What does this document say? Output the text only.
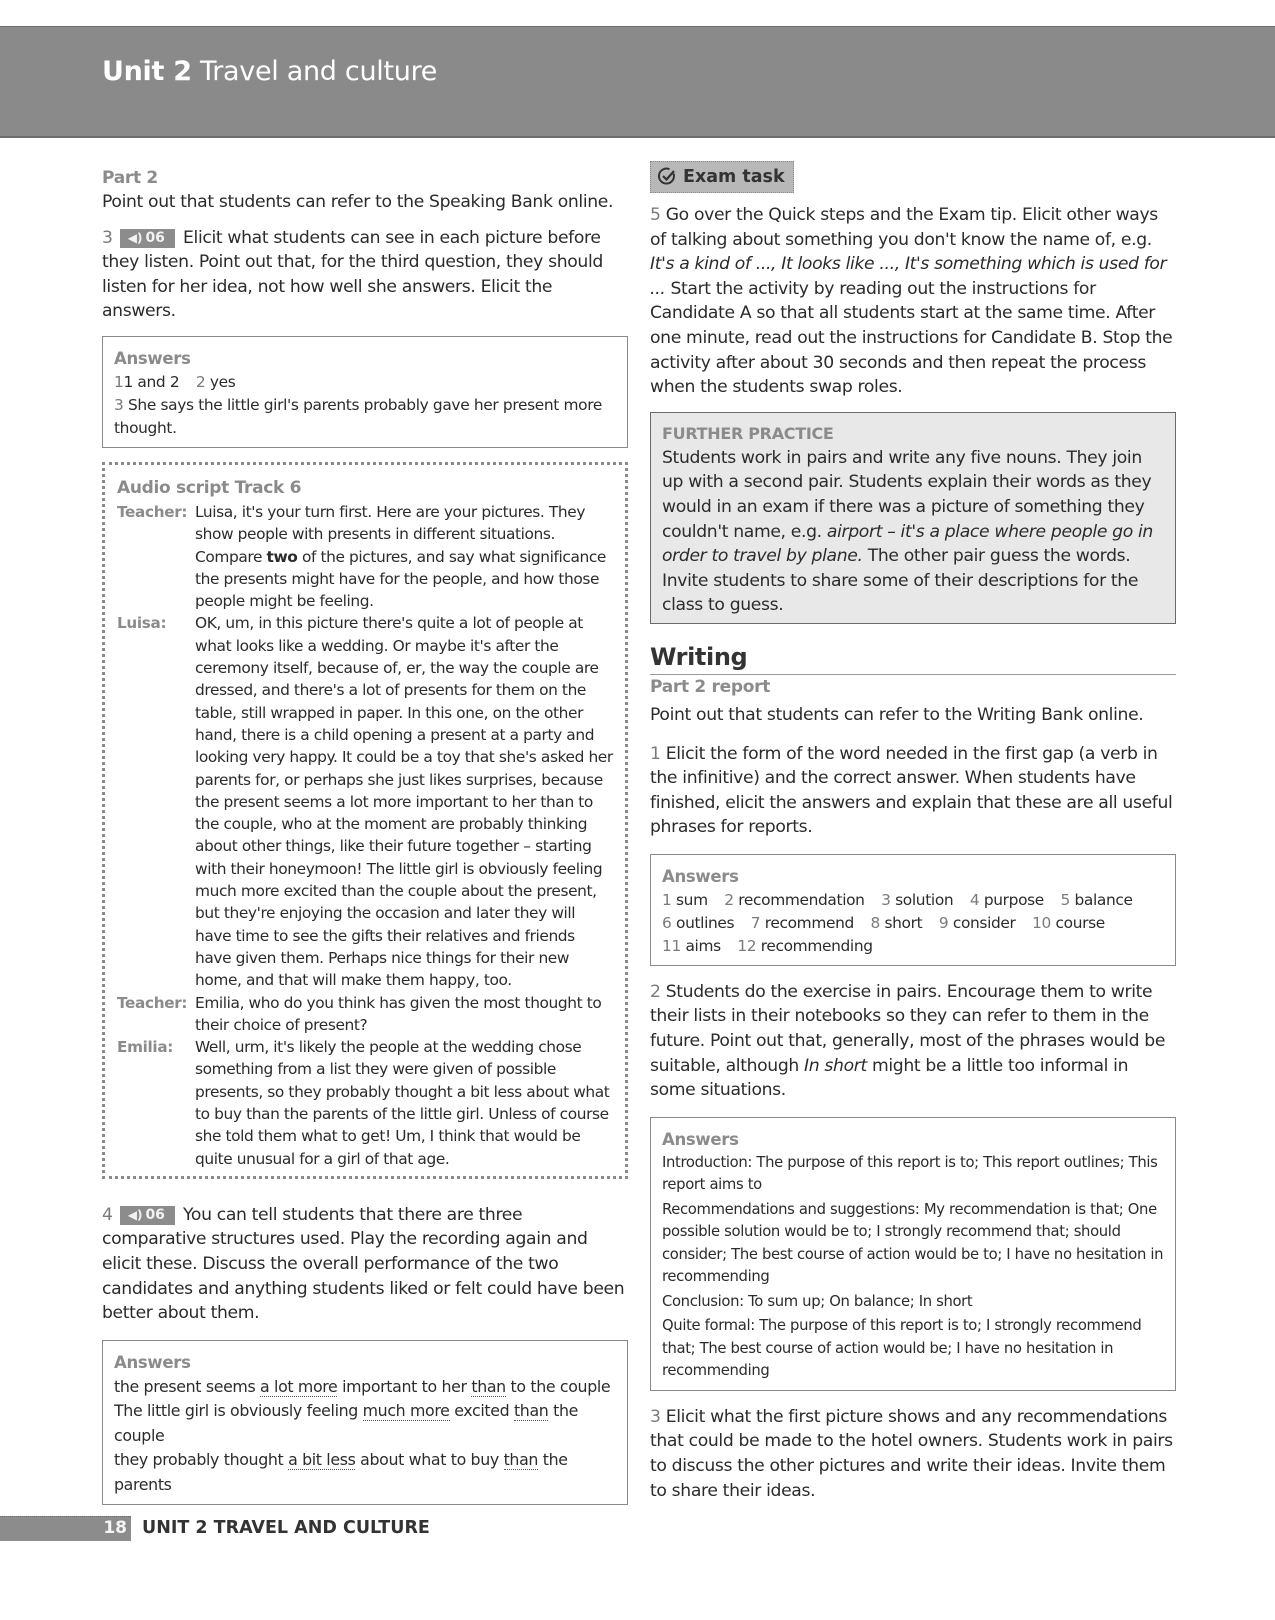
Unit 2 Travel and culture
Part 2

Point out that students can refer to the Speaking Bank online.

3 ◀) 06 Elicit what students can see in each picture before they listen. Point out that, for the third question, they should listen for her idea, not how well she answers. Elicit the answers.

Answers
11 and 2 2 yes
3 She says the little girl's parents probably gave her present more thought.
Audio script Track 6
Teacher: Luisa, it's your turn first. Here are your pictures. They show people with presents in different situations. Compare two of the pictures, and say what significance the presents might have for the people, and how those people might be feeling.
Luisa:	OK, um, in this picture there's quite a lot of people at what looks like a wedding. Or maybe it's after the ceremony itself, because of, er, the way the couple are dressed, and there's a lot of presents for them on the table, still wrapped in paper. In this one, on the other hand, there is a child opening a present at a party and looking very happy. It could be a toy that she's asked her parents for, or perhaps she just likes surprises, because the present seems a lot more important to her than to the couple, who at the moment are probably thinking about other things, like their future together – starting with their honeymoon! The little girl is obviously feeling much more excited than the couple about the present, but they're enjoying the occasion and later they will have time to see the gifts their relatives and friends have given them. Perhaps nice things for their new home, and that will make them happy, too.
Teacher: Emilia, who do you think has given the most thought to their choice of present?
Emilia:	Well, urm, it's likely the people at the wedding chose something from a list they were given of possible presents, so they probably thought a bit less about what to buy than the parents of the little girl. Unless of course she told them what to get! Um, I think that would be quite unusual for a girl of that age.

4 ◀) 06 You can tell students that there are three comparative structures used. Play the recording again and elicit these. Discuss the overall performance of the two candidates and anything students liked or felt could have been better about them.

Answers
the present seems a lot more important to her than to the couple
The little girl is obviously feeling much more excited than the couple
they probably thought a bit less about what to buy than the parents
Exam task

5 Go over the Quick steps and the Exam tip. Elicit other ways of talking about something you don't know the name of, e.g. It's a kind of ..., It looks like ..., It's something which is used for ... Start the activity by reading out the instructions for Candidate A so that all students start at the same time. After one minute, read out the instructions for Candidate B. Stop the activity after about 30 seconds and then repeat the process when the students swap roles.

FURTHER PRACTICE

Students work in pairs and write any five nouns. They join up with a second pair. Students explain their words as they would in an exam if there was a picture of something they couldn't name, e.g. airport – it's a place where people go in order to travel by plane. The other pair guess the words. Invite students to share some of their descriptions for the class to guess.

Writing
Part 2 report

Point out that students can refer to the Writing Bank online.

1 Elicit the form of the word needed in the first gap (a verb in the infinitive) and the correct answer. When students have finished, elicit the answers and explain that these are all useful phrases for reports.

Answers
1 sum 2 recommendation 3 solution 4 purpose 5 balance
6 outlines 7 recommend 8 short 9 consider 10 course
11 aims 12 recommending

2 Students do the exercise in pairs. Encourage them to write their lists in their notebooks so they can refer to them in the future. Point out that, generally, most of the phrases would be suitable, although In short might be a little too informal in some situations.

Answers
Introduction: The purpose of this report is to; This report outlines; This report aims to
Recommendations and suggestions: My recommendation is that; One possible solution would be to; I strongly recommend that; should consider; The best course of action would be to; I have no hesitation in recommending
Conclusion: To sum up; On balance; In short
Quite formal: The purpose of this report is to; I strongly recommend that; The best course of action would be; I have no hesitation in recommending

3 Elicit what the first picture shows and any recommendations that could be made to the hotel owners. Students work in pairs to discuss the other pictures and write their ideas. Invite them to share their ideas.

18 UNIT 2 TRAVEL AND CULTURE
